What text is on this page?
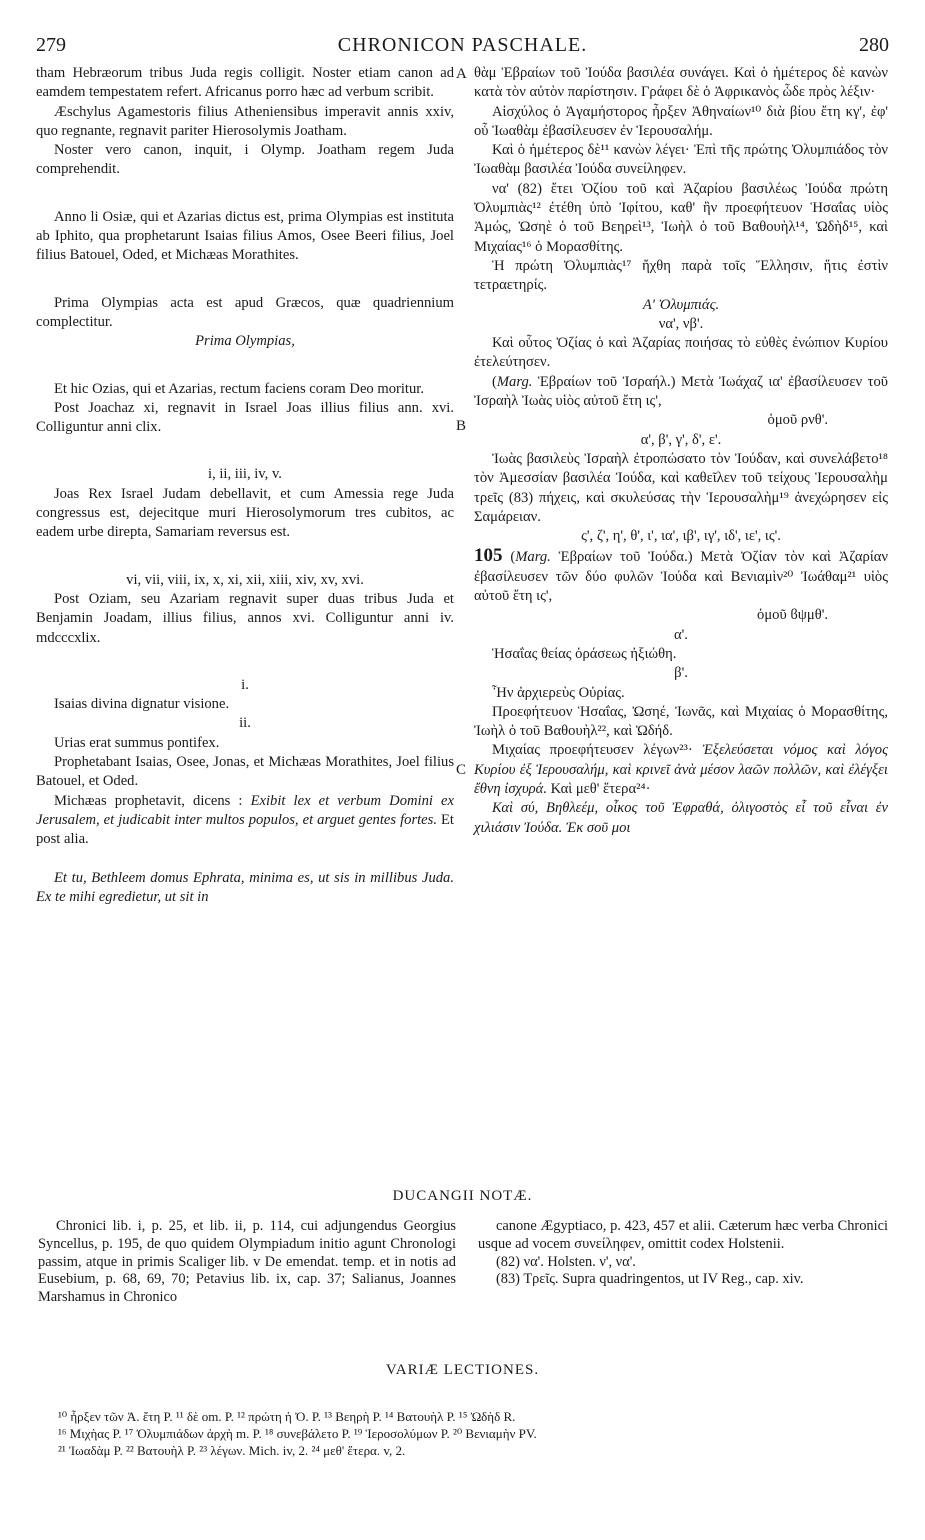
279	CHRONICON PASCHALE.	280
A
B
C

tham Hebræorum tribus Juda regis colligit. Noster etiam canon ad eamdem tempestatem refert. Africanus porro hæc ad verbum scribit.

Æschylus Agamestoris filius Atheniensibus imperavit annis xxiv, quo regnante, regnavit pariter Hierosolymis Joatham.

Noster vero canon, inquit, i Olymp. Joatham regem Juda comprehendit.

Anno li Osiæ, qui et Azarias dictus est, prima Olympias est instituta ab Iphito, qua prophetarunt Isaias filius Amos, Osee Beeri filius, Joel filius Batouel, Oded, et Michæas Morathites.

Prima Olympias acta est apud Græcos, quæ quadriennium complectitur.

Prima Olympias,

Et hic Ozias, qui et Azarias, rectum faciens coram Deo moritur.

Post Joachaz xi, regnavit in Israel Joas illius filius ann. xvi. Colliguntur anni clix.

i, ii, iii, iv, v.

Joas Rex Israel Judam debellavit, et cum Amessia rege Juda congressus est, dejecitque muri Hierosolymorum tres cubitos, ac eadem urbe direpta, Samariam reversus est.

vi, vii, viii, ix, x, xi, xii, xiii, xiv, xv, xvi.

Post Oziam, seu Azariam regnavit super duas tribus Juda et Benjamin Joadam, illius filius, annos xvi. Colliguntur anni iv. mdcccxlix.

i.

Isaias divina dignatur visione.

ii.

Urias erat summus pontifex.

Prophetabant Isaias, Osee, Jonas, et Michæas Morathites, Joel filius Batouel, et Oded.

Michæas prophetavit, dicens : Exibit lex et verbum Domini ex Jerusalem, et judicabit inter multos populos, et arguet gentes fortes. Et post alia.

Et tu, Bethleem domus Ephrata, minima es, ut sis in millibus Juda. Ex te mihi egredietur, ut sit in

θὰμ Ἑβραίων τοῦ Ἰούδα βασιλέα συνάγει. Καὶ ὁ ἡμέτερος δὲ κανὼν κατὰ τὸν αὐτὸν παρίστησιν. Γράφει δὲ ὁ Ἀφρικανὸς ὧδε πρὸς λέξιν·

Αἰσχύλος ὁ Ἀγαμήστορος ἦρξεν Ἀθηναίων¹⁰ διὰ βίου ἔτη κγ', ἐφ' οὗ Ἰωαθὰμ ἐβασίλευσεν ἐν Ἱερουσαλήμ.

Καὶ ὁ ἡμέτερος δὲ¹¹ κανὼν λέγει· Ἐπὶ τῆς πρώτης Ὀλυμπιάδος τὸν Ἰωαθὰμ βασιλέα Ἰούδα συνείληφεν.

να' (82) ἔτει Ὀζίου τοῦ καὶ Ἀζαρίου βασιλέως Ἰούδα πρώτη Ὀλυμπιὰς¹² ἐτέθη ὑπὸ Ἰφίτου, καθ' ἣν προεφήτευον Ἡσαΐας υἱὸς Ἀμώς, Ὠσηὲ ὁ τοῦ Βεηρεὶ¹³, Ἰωὴλ ὁ τοῦ Βαθουὴλ¹⁴, Ὠδὴδ¹⁵, καὶ Μιχαίας¹⁶ ὁ Μορασθίτης.

Ἡ πρώτη Ὀλυμπιὰς¹⁷ ἤχθη παρὰ τοῖς Ἕλλησιν, ἥτις ἐστὶν τετραετηρίς.

Α' Ὀλυμπιάς.

να', νβ'.

Καὶ οὗτος Ὀζίας ὁ καὶ Ἀζαρίας ποιήσας τὸ εὐθὲς ἐνώπιον Κυρίου ἐτελεύτησεν.

(Marg. Ἑβραίων τοῦ Ἰσραήλ.) Μετὰ Ἰωάχαζ ια' ἐβασίλευσεν τοῦ Ἰσραὴλ Ἰωὰς υἱὸς αὐτοῦ ἔτη ις',

ὁμοῦ ρνθ'.

α', β', γ', δ', ε'.

Ἰωὰς βασιλεὺς Ἰσραὴλ ἐτροπώσατο τὸν Ἰούδαν, καὶ συνελάβετο¹⁸ τὸν Ἀμεσσίαν βασιλέα Ἰούδα, καὶ καθεῖλεν τοῦ τείχους Ἱερουσαλὴμ τρεῖς (83) πήχεις, καὶ σκυλεύσας τὴν Ἱερουσαλὴμ¹⁹ ἀνεχώρησεν εἰς Σαμάρειαν.

ς', ζ', η', θ', ι', ια', ιβ', ιγ', ιδ', ιε', ις'.

105 (Marg. Ἑβραίων τοῦ Ἰούδα.) Μετὰ Ὀζίαν τὸν καὶ Ἀζαρίαν ἐβασίλευσεν τῶν δύο φυλῶν Ἰούδα καὶ Βενιαμὶν²⁰ Ἰωάθαμ²¹ υἱὸς αὐτοῦ ἔτη ις',

ὁμοῦ ϐψμθ'.

α'.

Ἡσαΐας θείας ὁράσεως ἠξιώθη.

β'.

Ἦν ἀρχιερεὺς Οὐρίας.

Προεφήτευον Ἡσαΐας, Ὠσηέ, Ἰωνᾶς, καὶ Μιχαίας ὁ Μορασθίτης, Ἰωὴλ ὁ τοῦ Βαθουὴλ²², καὶ Ὠδήδ.

Μιχαίας προεφήτευσεν λέγων²³· Ἐξελεύσεται νόμος καὶ λόγος Κυρίου ἐξ Ἱερουσαλήμ, καὶ κρινεῖ ἀνὰ μέσον λαῶν πολλῶν, καὶ ἐλέγξει ἔθνη ἰσχυρά. Καὶ μεθ' ἕτερα²⁴·

Καὶ σύ, Βηθλεέμ, οἶκος τοῦ Ἐφραθά, ὀλιγοστὸς εἶ τοῦ εἶναι ἐν χιλιάσιν Ἰούδα. Ἐκ σοῦ μοι

DUCANGII NOTÆ.

Chronici lib. i, p. 25, et lib. ii, p. 114, cui adjungendus Georgius Syncellus, p. 195, de quo quidem Olympiadum initio agunt Chronologi passim, atque in primis Scaliger lib. v De emendat. temp. et in notis ad Eusebium, p. 68, 69, 70; Petavius lib. ix, cap. 37; Salianus, Joannes Marshamus in Chronico

canone Ægyptiaco, p. 423, 457 et alii. Cæterum hæc verba Chronici usque ad vocem συνείληφεν, omittit codex Holstenii.

(82) να'. Holsten. ν', να'.

(83) Τρεῖς. Supra quadringentos, ut IV Reg., cap. xiv.

VARIÆ LECTIONES.
¹⁰ ἦρξεν τῶν Ἀ. ἔτη P. ¹¹ δὲ om. P. ¹² πρώτη ἡ Ὀ. P. ¹³ Βεηρὴ P. ¹⁴ Βατουὴλ P. ¹⁵ Ὠδὴδ R.
¹⁶ Μιχὴας P. ¹⁷ Ὀλυμπιάδων ἀρχὴ m. P. ¹⁸ συνεβάλετο P. ¹⁹ Ἱεροσολύμων P. ²⁰ Βενιαμὴν PV.
²¹ Ἰωαδὰμ P. ²² Βατουὴλ P. ²³ λέγων. Mich. iv, 2. ²⁴ μεθ' ἕτερα. v, 2.
